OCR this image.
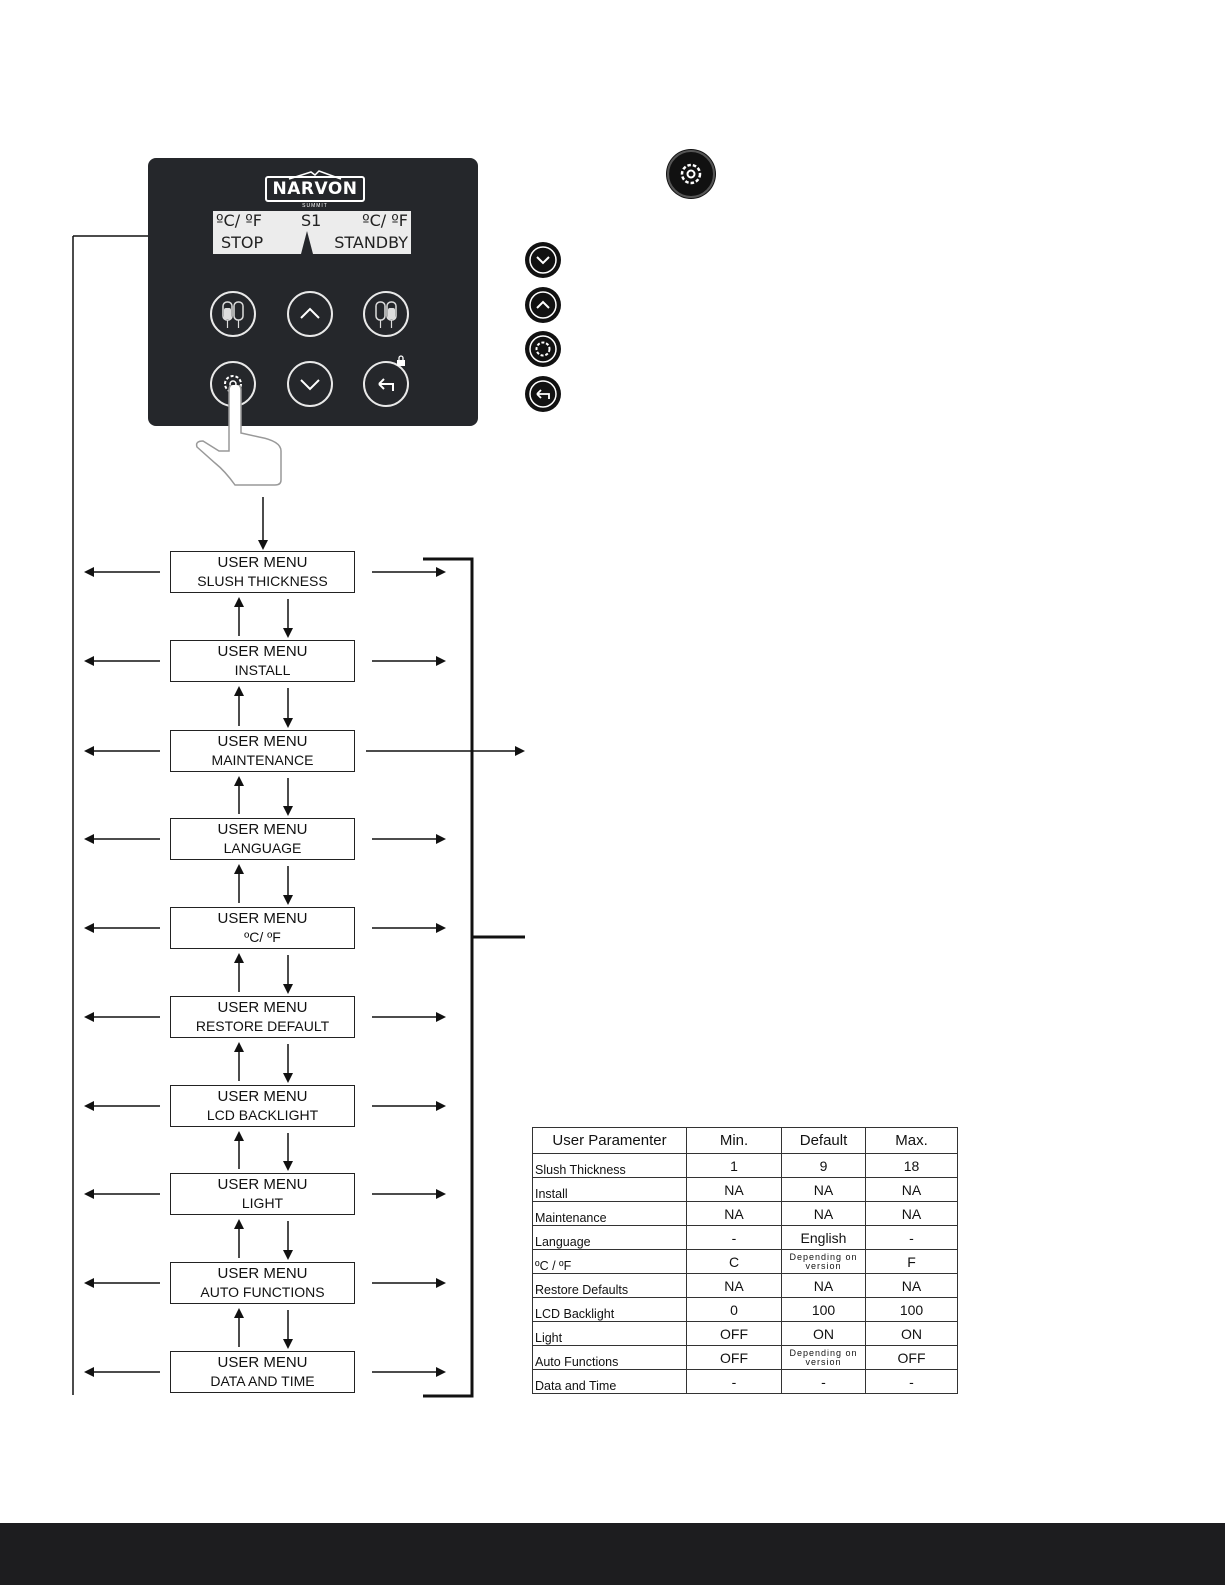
NARVON
SUMMIT
ºC/ ºF S1	ºC/ ºF
STOP	STANDBY
USER MENU
SLUSH THICKNESS
USER MENU
INSTALL
USER MENU
MAINTENANCE
USER MENU
LANGUAGE
USER MENU
ºC/ ºF
USER MENU
RESTORE DEFAULT
USER MENU
LCD BACKLIGHT
USER MENU
LIGHT
USER MENU
AUTO FUNCTIONS
USER MENU
DATA AND TIME
User Paramenter	Min.	Default	Max.
Slush Thickness	1	9	18
Install	NA	NA	NA
Maintenance	NA	NA	NA
Language	-	English	-
ºC / ºF	C	Depending on version	F
Restore Defaults	NA	NA	NA
LCD Backlight	0	100	100
Light	OFF	ON	ON
Auto Functions	OFF	Depending on version	OFF
Data and Time	-	-	-
